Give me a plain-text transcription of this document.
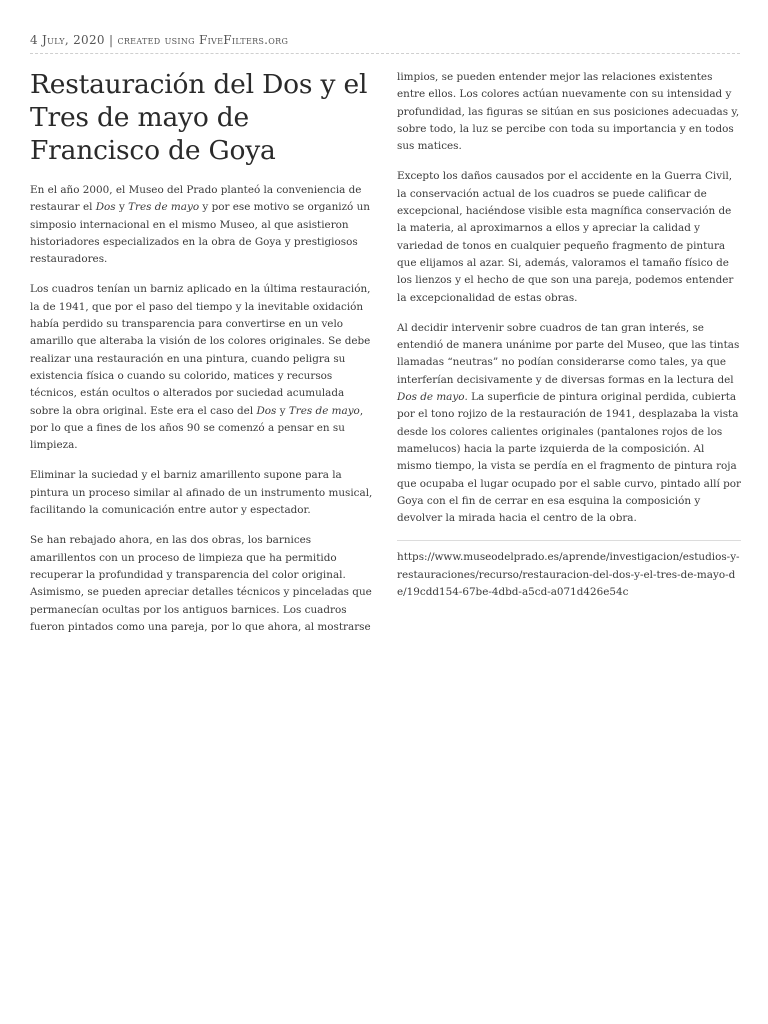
4 July, 2020 | created using FiveFilters.org
Restauración del Dos y el Tres de mayo de Francisco de Goya

En el año 2000, el Museo del Prado planteó la conveniencia de restaurar el Dos y Tres de mayo y por ese motivo se organizó un simposio internacional en el mismo Museo, al que asistieron historiadores especializados en la obra de Goya y prestigiosos restauradores.

Los cuadros tenían un barniz aplicado en la última restauración, la de 1941, que por el paso del tiempo y la inevitable oxidación había perdido su transparencia para convertirse en un velo amarillo que alteraba la visión de los colores originales. Se debe realizar una restauración en una pintura, cuando peligra su existencia física o cuando su colorido, matices y recursos técnicos, están ocultos o alterados por suciedad acumulada sobre la obra original. Este era el caso del Dos y Tres de mayo, por lo que a fines de los años 90 se comenzó a pensar en su limpieza.

Eliminar la suciedad y el barniz amarillento supone para la pintura un proceso similar al afinado de un instrumento musical, facilitando la comunicación entre autor y espectador.

Se han rebajado ahora, en las dos obras, los barnices amarillentos con un proceso de limpieza que ha permitido recuperar la profundidad y transparencia del color original. Asimismo, se pueden apreciar detalles técnicos y pinceladas que permanecían ocultas por los antiguos barnices. Los cuadros fueron pintados como una pareja, por lo que ahora, al mostrarse

limpios, se pueden entender mejor las relaciones existentes entre ellos. Los colores actúan nuevamente con su intensidad y profundidad, las figuras se sitúan en sus posiciones adecuadas y, sobre todo, la luz se percibe con toda su importancia y en todos sus matices.

Excepto los daños causados por el accidente en la Guerra Civil, la conservación actual de los cuadros se puede calificar de excepcional, haciéndose visible esta magnífica conservación de la materia, al aproximarnos a ellos y apreciar la calidad y variedad de tonos en cualquier pequeño fragmento de pintura que elijamos al azar. Si, además, valoramos el tamaño físico de los lienzos y el hecho de que son una pareja, podemos entender la excepcionalidad de estas obras.

Al decidir intervenir sobre cuadros de tan gran interés, se entendió de manera unánime por parte del Museo, que las tintas llamadas “neutras” no podían considerarse como tales, ya que interferían decisivamente y de diversas formas en la lectura del Dos de mayo. La superficie de pintura original perdida, cubierta por el tono rojizo de la restauración de 1941, desplazaba la vista desde los colores calientes originales (pantalones rojos de los mamelucos) hacia la parte izquierda de la composición. Al mismo tiempo, la vista se perdía en el fragmento de pintura roja que ocupaba el lugar ocupado por el sable curvo, pintado allí por Goya con el fin de cerrar en esa esquina la composición y devolver la mirada hacia el centro de la obra.

https://www.museodelprado.es/aprende/investigacion/estudios-y-restauraciones/recurso/restauracion-del-dos-y-el-tres-de-mayo-de/19cdd154-67be-4dbd-a5cd-a071d426e54c
